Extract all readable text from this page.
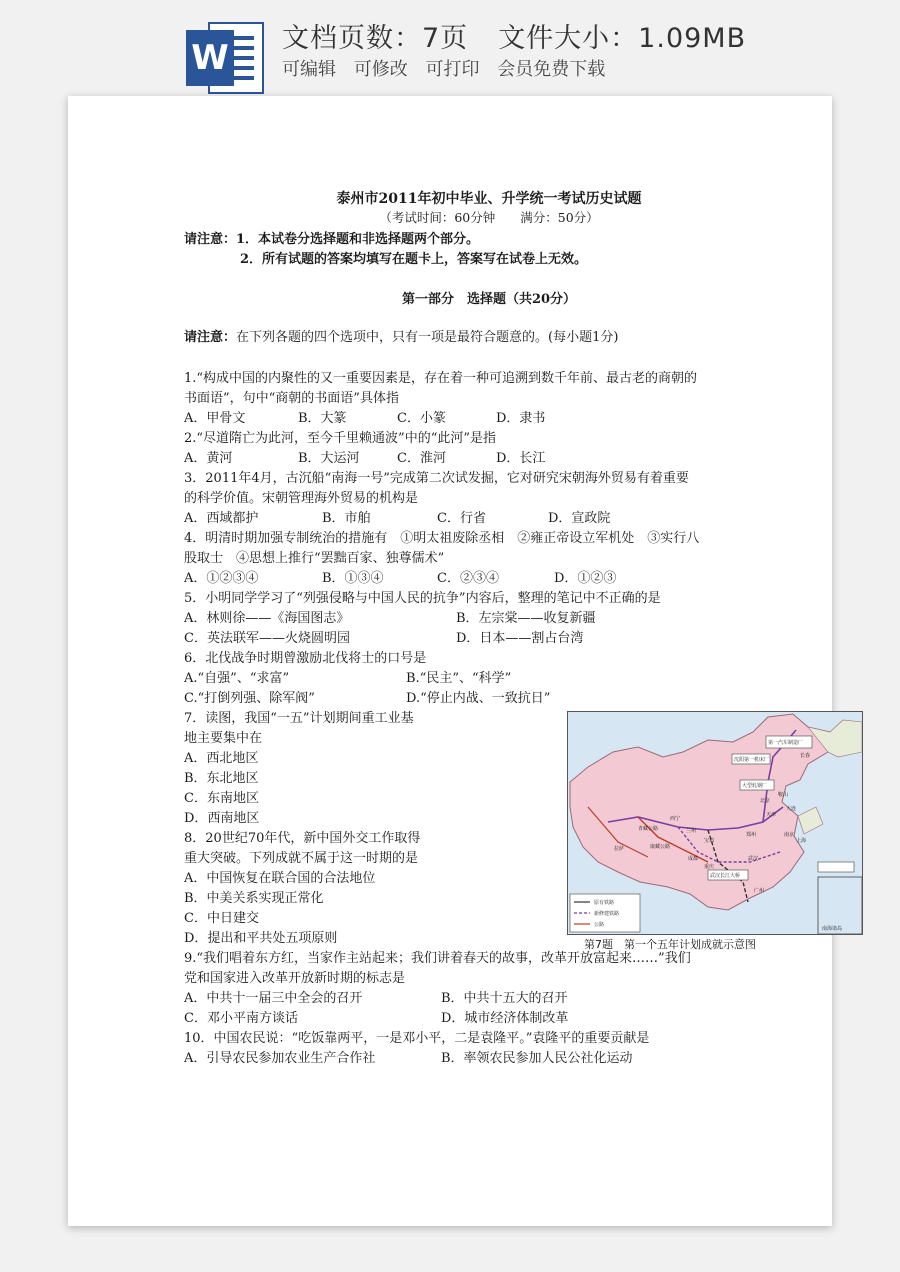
W 文档页数：7页 文件大小：1.09MB
可编辑 可修改 可打印 会员免费下载
泰州市2011年初中毕业、升学统一考试历史试题
（考试时间：60分钟　　满分：50分）
请注意：1．本试卷分选择题和非选择题两个部分。
2．所有试题的答案均填写在题卡上，答案写在试卷上无效。
第一部分　选择题（共20分）
请注意：在下列各题的四个选项中，只有一项是最符合题意的。(每小题1分)
1.“构成中国的内聚性的又一重要因素是，存在着一种可追溯到数千年前、最古老的商朝的
书面语”，句中“商朝的书面语”具体指
A．甲骨文	B．大篆	C．小篆	D．隶书
2.“尽道隋亡为此河，至今千里赖通波”中的“此河”是指
A．黄河	B．大运河	C．淮河	D．长江
3．2011年4月，古沉船“南海一号”完成第二次试发掘，它对研究宋朝海外贸易有着重要
的科学价值。宋朝管理海外贸易的机构是
A．西域都护	B．市舶	C．行省	D．宣政院
4．明清时期加强专制统治的措施有　①明太祖废除丞相　②雍正帝设立军机处　③实行八
股取士　④思想上推行“罢黜百家、独尊儒术”
A．①②③④	B．①③④	C．②③④	D．①②③
5．小明同学学习了“列强侵略与中国人民的抗争”内容后，整理的笔记中不正确的是
A．林则徐——《海国图志》	B．左宗棠——收复新疆
C．英法联军——火烧圆明园	D．日本——割占台湾
6．北伐战争时期曾激励北伐将士的口号是
A.“自强”、“求富”	B.“民主”、“科学”
C.“打倒列强、除军阀”	D.“停止内战、一致抗日”
7．读图，我国“一五”计划期间重工业基
地主要集中在
A．西北地区
B．东北地区
C．东南地区
D．西南地区
8．20世纪70年代，新中国外交工作取得
重大突破。下列成就不属于这一时期的是
A．中国恢复在联合国的合法地位
B．中美关系实现正常化
C．中日建交
D．提出和平共处五项原则
第一汽车制造厂
沈阳第一机床厂
长春
大型轧钢厂
鞍山
大连
北京
天津
西宁
兰州
宝鸡
郑州
成都
重庆
武汉
上海
广州
拉萨
武汉长江大桥
南京
南海诸岛
青藏公路
康藏公路
原有铁路
新修建铁路
公路
第7题　第一个五年计划成就示意图
9.“我们唱着东方红，当家作主站起来；我们讲着春天的故事，改革开放富起来……”我们
党和国家进入改革开放新时期的标志是
A．中共十一届三中全会的召开	B．中共十五大的召开
C．邓小平南方谈话	D．城市经济体制改革
10．中国农民说：“吃饭靠两平，一是邓小平，二是袁隆平。”袁隆平的重要贡献是
A．引导农民参加农业生产合作社	B．率领农民参加人民公社化运动
